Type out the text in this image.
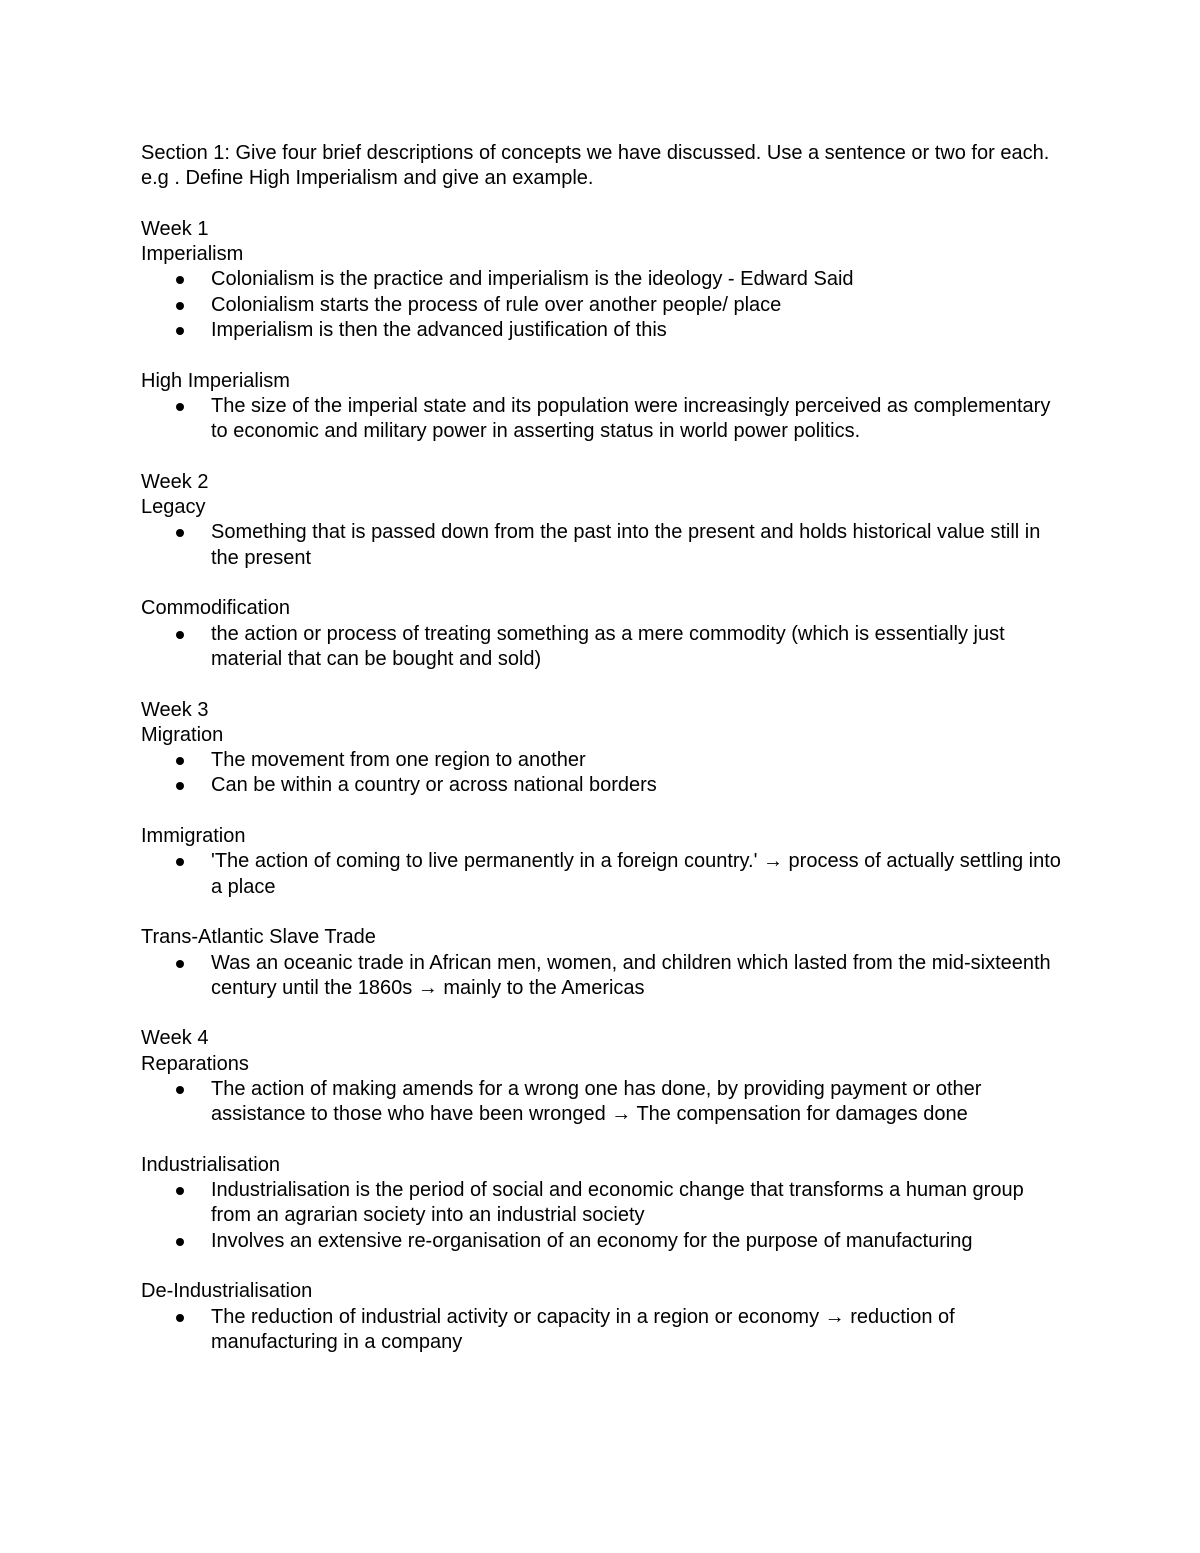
Section 1: Give four brief descriptions of concepts we have discussed. Use a sentence or two for each. e.g . Define High Imperialism and give an example.

Week 1
Imperialism
Colonialism is the practice and imperialism is the ideology - Edward Said
Colonialism starts the process of rule over another people/ place
Imperialism is then the advanced justification of this
High Imperialism
The size of the imperial state and its population were increasingly perceived as complementary to economic and military power in asserting status in world power politics.
Week 2
Legacy
Something that is passed down from the past into the present and holds historical value still in the present
Commodification
the action or process of treating something as a mere commodity (which is essentially just material that can be bought and sold)
Week 3
Migration
The movement from one region to another
Can be within a country or across national borders
Immigration
'The action of coming to live permanently in a foreign country.' → process of actually settling into a place
Trans-Atlantic Slave Trade
Was an oceanic trade in African men, women, and children which lasted from the mid-sixteenth century until the 1860s → mainly to the Americas
Week 4
Reparations
The action of making amends for a wrong one has done, by providing payment or other assistance to those who have been wronged → The compensation for damages done
Industrialisation
Industrialisation is the period of social and economic change that transforms a human group from an agrarian society into an industrial society
Involves an extensive re-organisation of an economy for the purpose of manufacturing
De-Industrialisation
The reduction of industrial activity or capacity in a region or economy → reduction of manufacturing in a company
